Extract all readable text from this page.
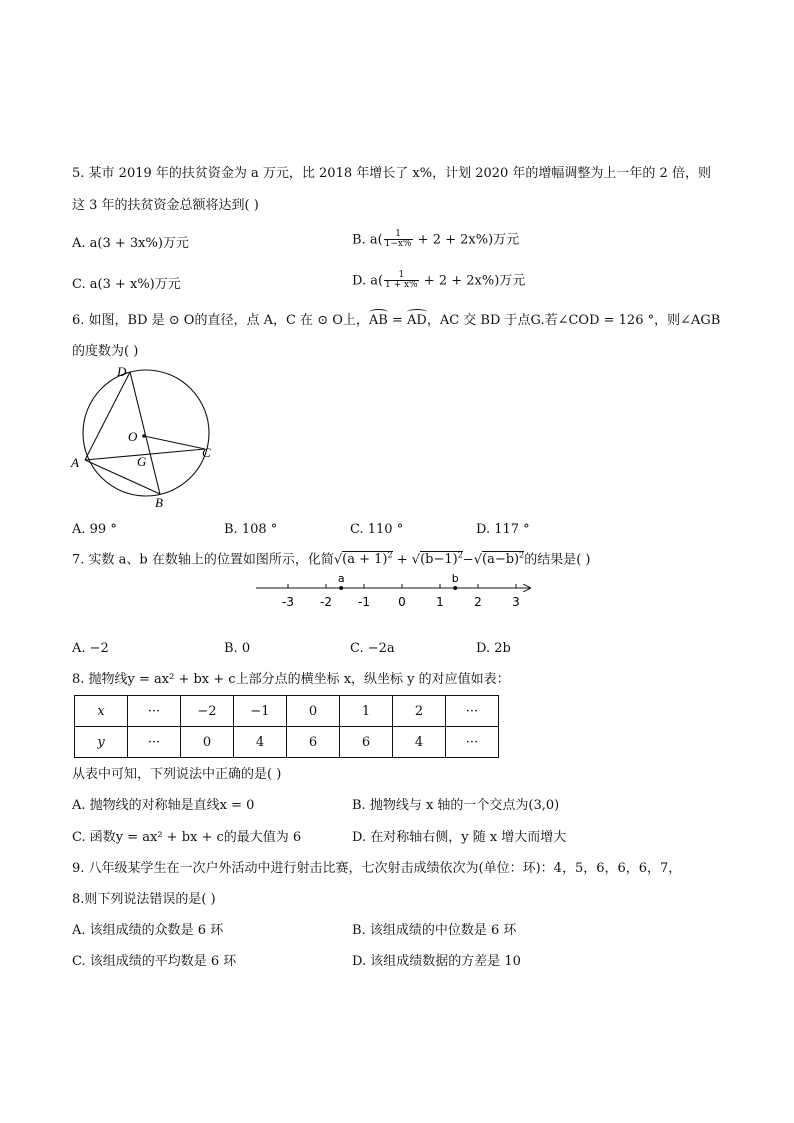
5. 某市 2019 年的扶贫资金为 a 万元，比 2018 年增长了 x%，计划 2020 年的增幅调整为上一年的 2 倍，则
这 3 年的扶贫资金总额将达到( )
A. a(3 + 3x%)万元	B. $a( \frac{1}{1-x\%} + 2 + 2x\%)$万元
C. a(3 + x%)万元	D. $a( \frac{1}{1 + x\%} + 2 + 2x\%)$万元
6. 如图，BD 是 ⊙ O的直径，点 A，C 在 ⊙ O上，AB = AD，AC 交 BD 于点G.若∠COD = 126 °，则∠AGB
的度数为( )
D
O
A	G
C
B
A. 99 °	B. 108 °	C. 110 °	D. 117 °
7. 实数 a、b 在数轴上的位置如图所示，化简$√(a + 1)^2 + √(b-1)^2-√(a-b)^2$的结果是( )
-3 -2 -1 0	1	2	3
a	b
A. −2	B. 0	C. −2a	D. 2b
8. 抛物线y = ax² + bx + c上部分点的横坐标 x，纵坐标 y 的对应值如表：
x	···	−2	−1	0	1	2	···
y	···	0	4	6	6	4	···
从表中可知，下列说法中正确的是( )
A. 抛物线的对称轴是直线x = 0	B. 抛物线与 x 轴的一个交点为(3,0)
C. 函数y = ax² + bx + c的最大值为 6	D. 在对称轴右侧，y 随 x 增大而增大
9. 八年级某学生在一次户外活动中进行射击比赛，七次射击成绩依次为(单位：环)：4，5，6，6，6，7，
8.则下列说法错误的是( )
A. 该组成绩的众数是 6 环	B. 该组成绩的中位数是 6 环
C. 该组成绩的平均数是 6 环	D. 该组成绩数据的方差是 10
